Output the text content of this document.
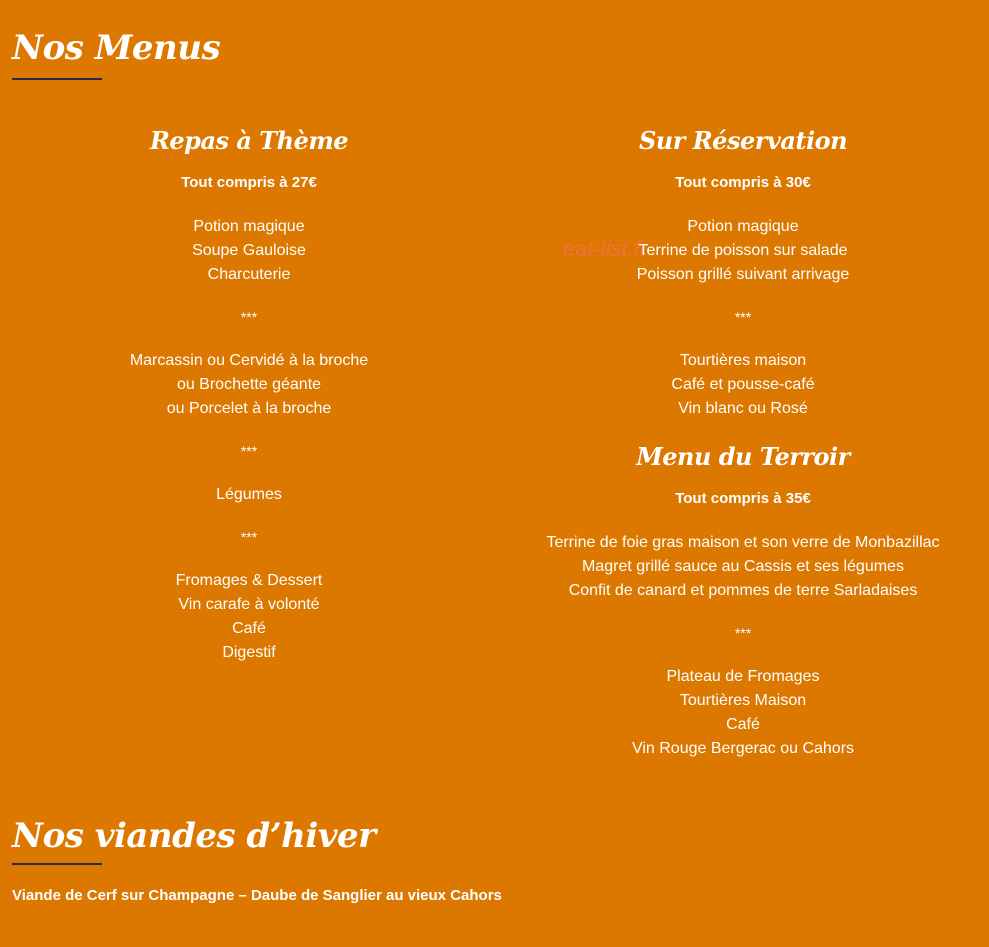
Nos Menus
eat-list.fr
Repas à Thème
Tout compris à 27€

Potion magique

Soupe Gauloise

Charcuterie

***

Marcassin ou Cervidé à la broche

ou Brochette géante

ou Porcelet à la broche

***

Légumes

***

Fromages & Dessert

Vin carafe à volonté

Café

Digestif

Sur Réservation
Tout compris à 30€

Potion magique

Terrine de poisson sur salade

Poisson grillé suivant arrivage

***

Tourtières maison

Café et pousse-café

Vin blanc ou Rosé

Menu du Terroir
Tout compris à 35€

Terrine de foie gras maison et son verre de Monbazillac

Magret grillé sauce au Cassis et ses légumes

Confit de canard et pommes de terre Sarladaises

***

Plateau de Fromages

Tourtières Maison

Café

Vin Rouge Bergerac ou Cahors

Nos viandes d’hiver

Viande de Cerf sur Champagne – Daube de Sanglier au vieux Cahors
